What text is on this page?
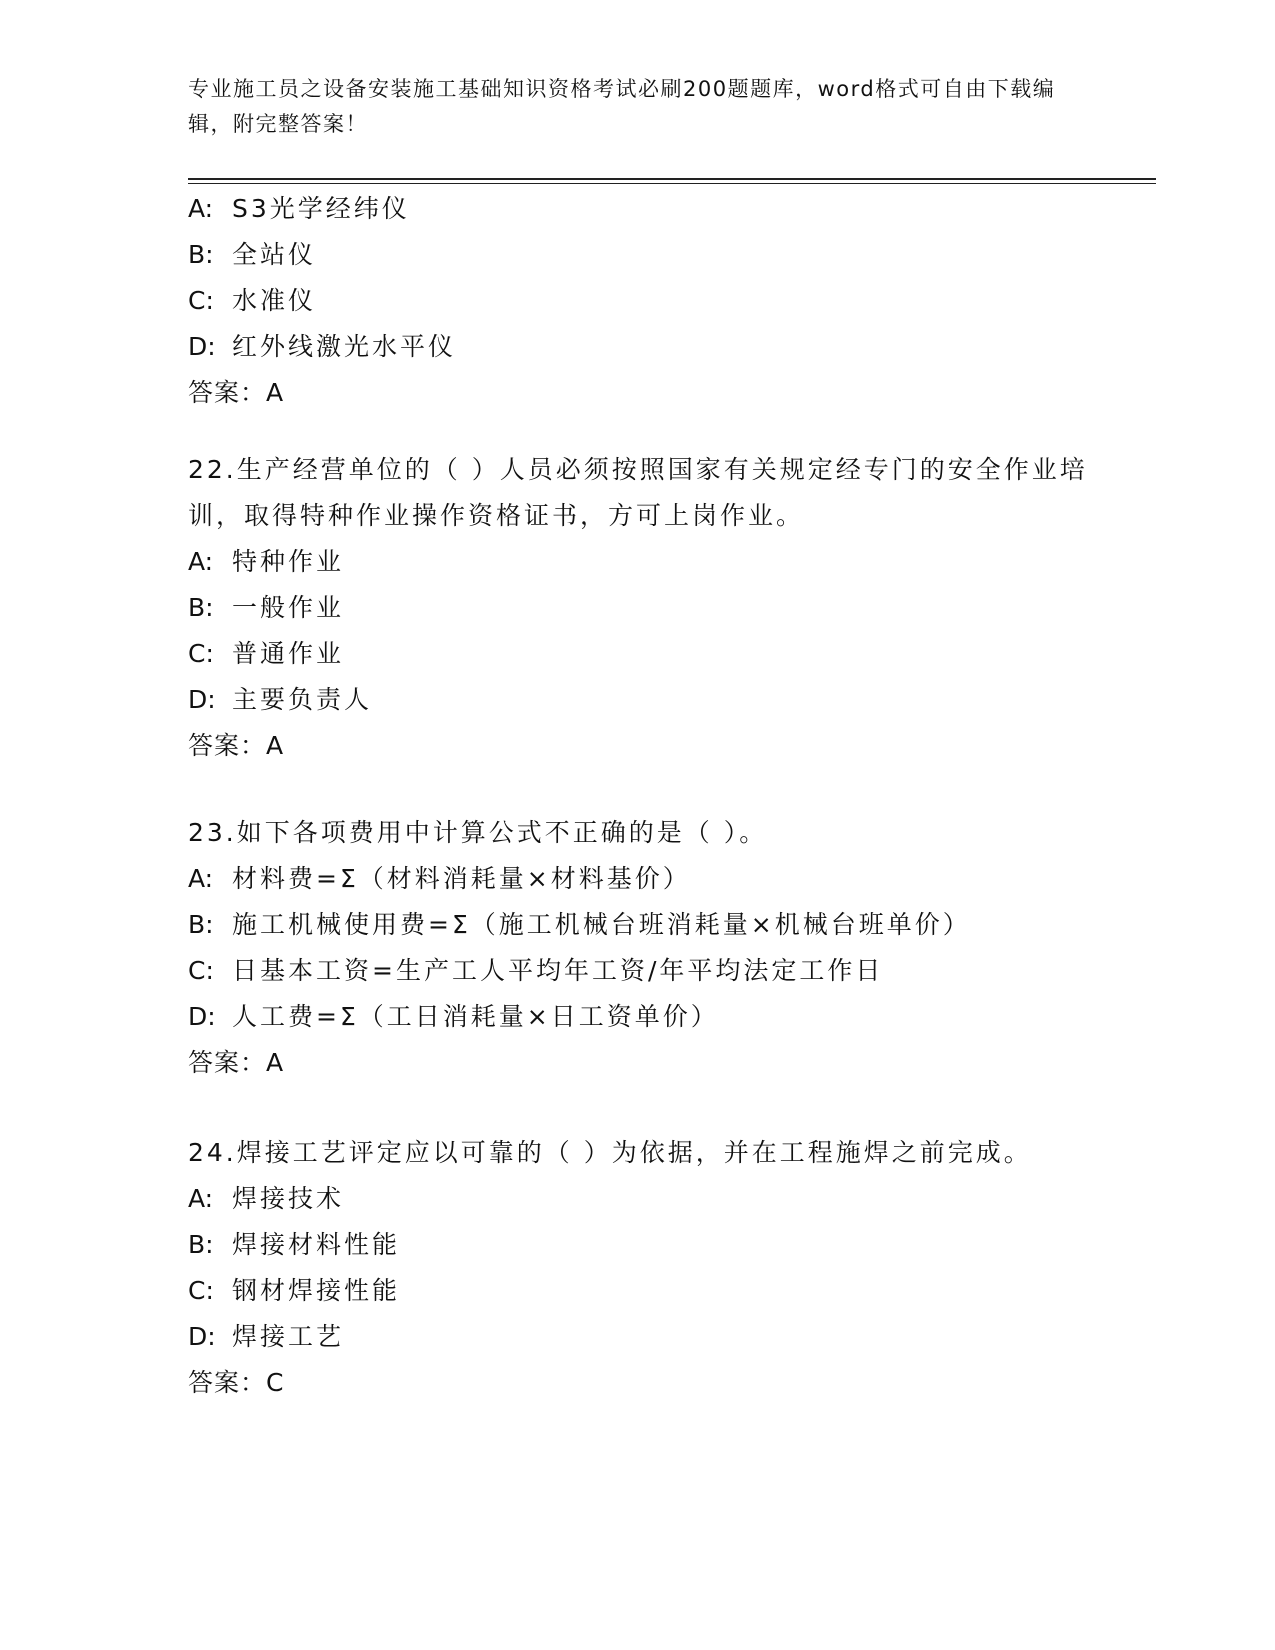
专业施工员之设备安装施工基础知识资格考试必刷200题题库，word格式可自由下载编辑，附完整答案！
A: S3光学经纬仪
B: 全站仪
C: 水准仪
D: 红外线激光水平仪
答案：A
22.生产经营单位的（ ）人员必须按照国家有关规定经专门的安全作业培训，取得特种作业操作资格证书，方可上岗作业。
A: 特种作业
B: 一般作业
C: 普通作业
D: 主要负责人
答案：A
23.如下各项费用中计算公式不正确的是（ ）。
A: 材料费=Σ（材料消耗量×材料基价）
B: 施工机械使用费=Σ（施工机械台班消耗量×机械台班单价）
C: 日基本工资=生产工人平均年工资/年平均法定工作日
D: 人工费=Σ（工日消耗量×日工资单价）
答案：A
24.焊接工艺评定应以可靠的（ ）为依据，并在工程施焊之前完成。
A: 焊接技术
B: 焊接材料性能
C: 钢材焊接性能
D: 焊接工艺
答案：C
